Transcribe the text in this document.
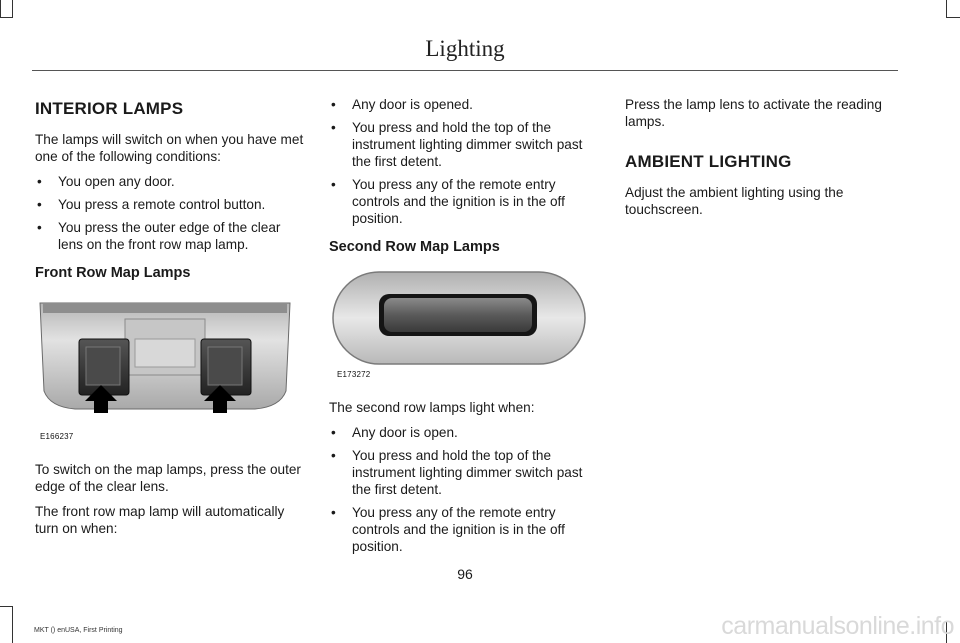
Lighting
INTERIOR LAMPS

The lamps will switch on when you have met one of the following conditions:

• You open any door.
• You press a remote control button.
• You press the outer edge of the clear lens on the front row map lamp.
Front Row Map Lamps
E166237

To switch on the map lamps, press the outer edge of the clear lens.

The front row map lamp will automatically turn on when:

• Any door is opened.
• You press and hold the top of the instrument lighting dimmer switch past the first detent.
• You press any of the remote entry controls and the ignition is in the off position.
Second Row Map Lamps
E173272

The second row lamps light when:

• Any door is open.
• You press and hold the top of the instrument lighting dimmer switch past the first detent.
• You press any of the remote entry controls and the ignition is in the off position.

Press the lamp lens to activate the reading lamps.

AMBIENT LIGHTING

Adjust the ambient lighting using the touchscreen.

96
MKT () enUSA, First Printing	carmanualsonline.info
